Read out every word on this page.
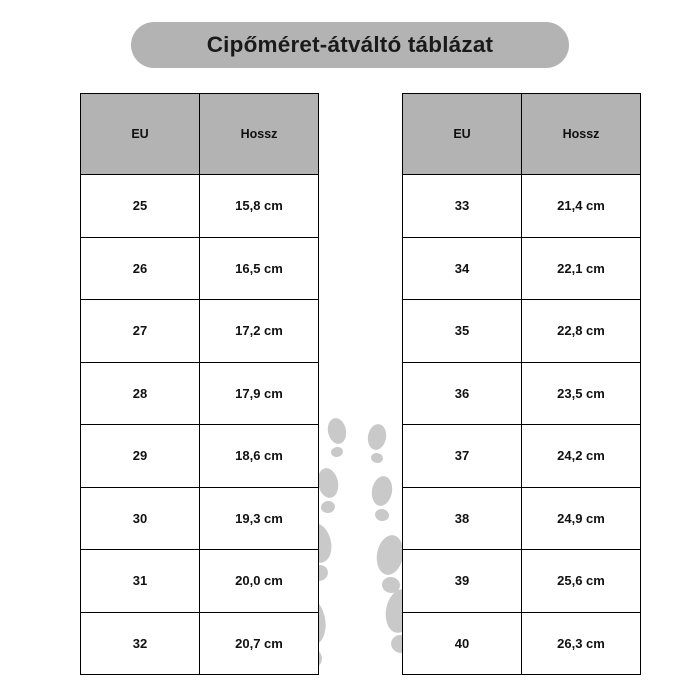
Cipőméret-átváltó táblázat
EU	Hossz
25	15,8 cm
26	16,5 cm
27	17,2 cm
28	17,9 cm
29	18,6 cm
30	19,3 cm
31	20,0 cm
32	20,7 cm
EU	Hossz
33	21,4 cm
34	22,1 cm
35	22,8 cm
36	23,5 cm
37	24,2 cm
38	24,9 cm
39	25,6 cm
40	26,3 cm
